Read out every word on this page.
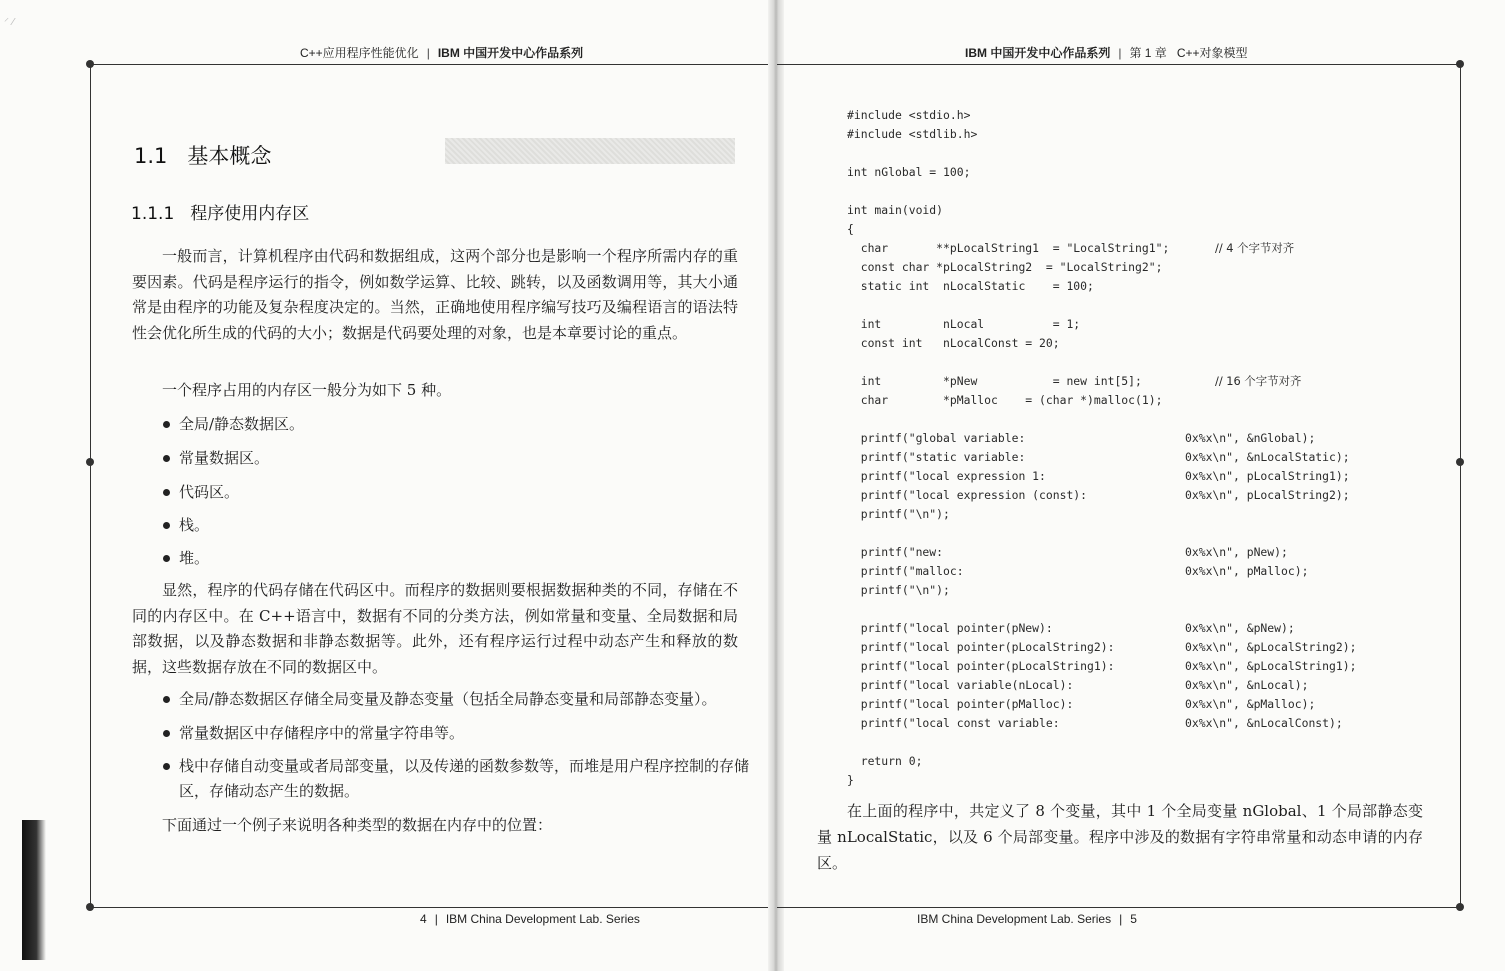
⸍ ⁄
C++应用程序性能优化 | IBM 中国开发中心作品系列
1.1 基本概念
1.1.1 程序使用内存区

一般而言，计算机程序由代码和数据组成，这两个部分也是影响一个程序所需内存的重要因素。代码是程序运行的指令，例如数学运算、比较、跳转，以及函数调用等，其大小通常是由程序的功能及复杂程度决定的。当然，正确地使用程序编写技巧及编程语言的语法特性会优化所生成的代码的大小；数据是代码要处理的对象，也是本章要讨论的重点。

一个程序占用的内存区一般分为如下 5 种。

全局/静态数据区。
常量数据区。
代码区。
栈。
堆。

显然，程序的代码存储在代码区中。而程序的数据则要根据数据种类的不同，存储在不同的内存区中。在 C++语言中，数据有不同的分类方法，例如常量和变量、全局数据和局部数据，以及静态数据和非静态数据等。此外，还有程序运行过程中动态产生和释放的数据，这些数据存放在不同的数据区中。

全局/静态数据区存储全局变量及静态变量（包括全局静态变量和局部静态变量）。
常量数据区中存储程序中的常量字符串等。
栈中存储自动变量或者局部变量，以及传递的函数参数等，而堆是用户程序控制的存储区，存储动态产生的数据。

下面通过一个例子来说明各种类型的数据在内存中的位置：

4 | IBM China Development Lab. Series
IBM 中国开发中心作品系列 | 第 1 章 C++对象模型
#include <stdio.h>
#include <stdlib.h>
int nGlobal = 100;
int main(void)
{
char       **pLocalString1  = "LocalString1";	// 4 个字节对齐
const char *pLocalString2  = "LocalString2";
static int  nLocalStatic    = 100;
int         nLocal          = 1;
const int   nLocalConst = 20;
int         *pNew           = new int[5];	// 16 个字节对齐
char        *pMalloc    = (char *)malloc(1);
printf("global variable:	0x%x\n", &nGlobal);
printf("static variable:	0x%x\n", &nLocalStatic);
printf("local expression 1:	0x%x\n", pLocalString1);
printf("local expression (const):	0x%x\n", pLocalString2);
printf("\n");
printf("new:	0x%x\n", pNew);
printf("malloc:	0x%x\n", pMalloc);
printf("\n");
printf("local pointer(pNew):	0x%x\n", &pNew);
printf("local pointer(pLocalString2):	0x%x\n", &pLocalString2);
printf("local pointer(pLocalString1):	0x%x\n", &pLocalString1);
printf("local variable(nLocal):	0x%x\n", &nLocal);
printf("local pointer(pMalloc):	0x%x\n", &pMalloc);
printf("local const variable:	0x%x\n", &nLocalConst);
return 0;
}

在上面的程序中，共定义了 8 个变量，其中 1 个全局变量 nGlobal、1 个局部静态变量 nLocalStatic，以及 6 个局部变量。程序中涉及的数据有字符串常量和动态申请的内存区。

IBM China Development Lab. Series | 5
